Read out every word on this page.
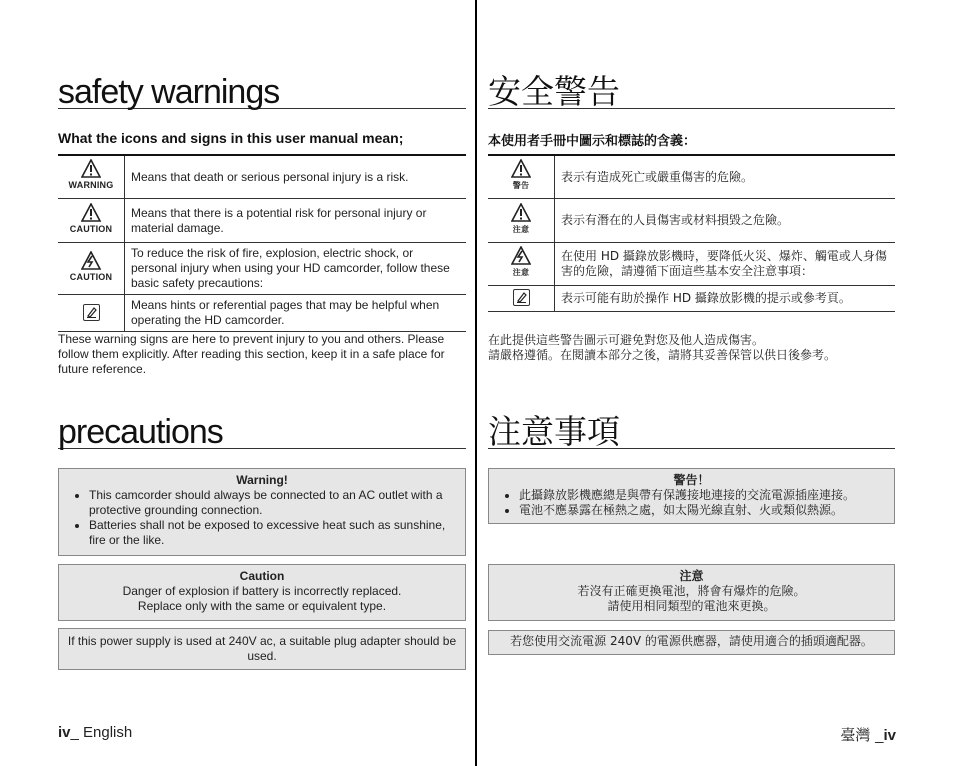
safety warnings
What the icons and signs in this user manual mean;
WARNING	Means that death or serious personal injury is a risk.

CAUTION	Means that there is a potential risk for personal injury or material damage.

CAUTION	To reduce the risk of fire, explosion, electric shock, or personal injury when using your HD camcorder, follow these basic safety precautions:

	Means hints or referential pages that may be helpful when operating the HD camcorder.
These warning signs are here to prevent injury to you and others. Please follow them explicitly. After reading this section, keep it in a safe place for future reference.
precautions
Warning!
• This camcorder should always be connected to an AC outlet with a protective grounding connection.
• Batteries shall not be exposed to excessive heat such as sunshine, fire or the like.
Caution
Danger of explosion if battery is incorrectly replaced.
Replace only with the same or equivalent type.
If this power supply is used at 240V ac, a suitable plug adapter should be used.
安全警告
本使用者手冊中圖示和標誌的含義：
警告	表示有造成死亡或嚴重傷害的危險。

注意	表示有潛在的人員傷害或材料損毀之危險。

注意	在使用 HD 攝錄放影機時，要降低火災、爆炸、觸電或人身傷害的危險，請遵循下面這些基本安全注意事項：

	表示可能有助於操作 HD 攝錄放影機的提示或參考頁。
在此提供這些警告圖示可避免對您及他人造成傷害。
請嚴格遵循。在閱讀本部分之後，請將其妥善保管以供日後參考。
注意事項
警告！
• 此攝錄放影機應總是與帶有保護接地連接的交流電源插座連接。
• 電池不應暴露在極熱之處，如太陽光線直射、火或類似熱源。
注意
若沒有正確更換電池，將會有爆炸的危險。
請使用相同類型的電池來更換。
若您使用交流電源 240V 的電源供應器，請使用適合的插頭適配器。
iv_ English	臺灣 _iv
